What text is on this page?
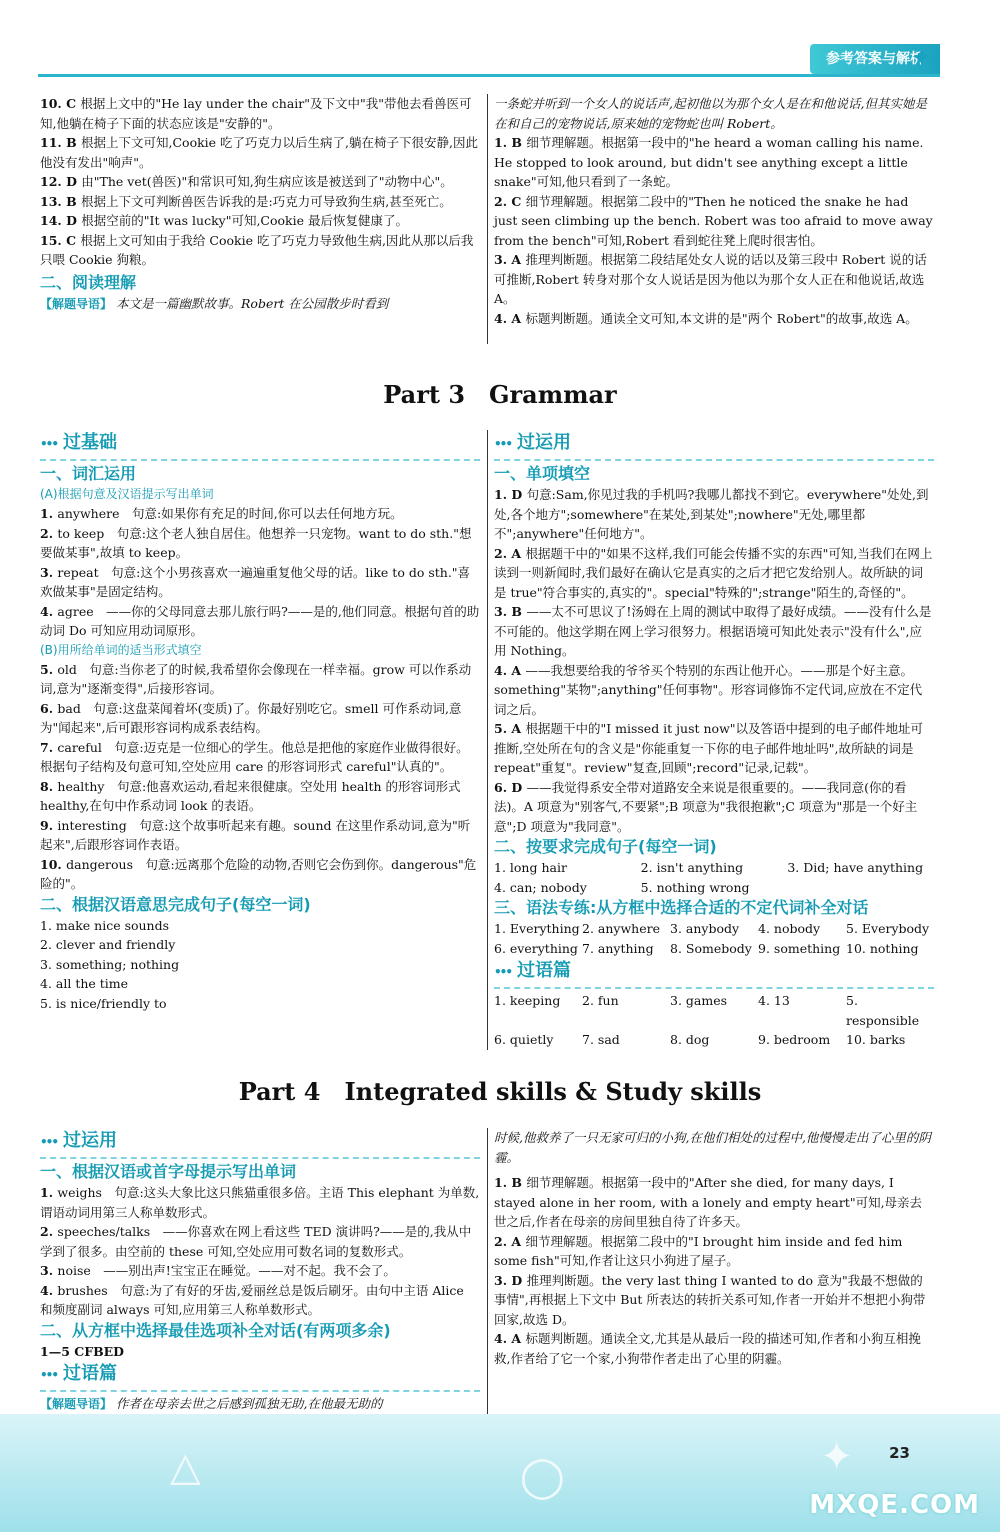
参考答案与解析
✦
10. C 根据上文中的"He lay under the chair"及下文中"我"带他去看兽医可知,他躺在椅子下面的状态应该是"安静的"。
11. B 根据上下文可知,Cookie 吃了巧克力以后生病了,躺在椅子下很安静,因此他没有发出"响声"。
12. D 由"The vet(兽医)"和常识可知,狗生病应该是被送到了"动物中心"。
13. B 根据上下文可判断兽医告诉我的是:巧克力可导致狗生病,甚至死亡。
14. D 根据空前的"It was lucky"可知,Cookie 最后恢复健康了。
15. C 根据上文可知由于我给 Cookie 吃了巧克力导致他生病,因此从那以后我只喂 Cookie 狗粮。
二、阅读理解
【解题导语】 本文是一篇幽默故事。Robert 在公园散步时看到
一条蛇并听到一个女人的说话声,起初他以为那个女人是在和他说话,但其实她是在和自己的宠物说话,原来她的宠物蛇也叫 Robert。
1. B 细节理解题。根据第一段中的"he heard a woman calling his name. He stopped to look around, but didn't see anything except a little snake"可知,他只看到了一条蛇。
2. C 细节理解题。根据第二段中的"Then he noticed the snake he had just seen climbing up the bench. Robert was too afraid to move away from the bench"可知,Robert 看到蛇往凳上爬时很害怕。
3. A 推理判断题。根据第二段结尾处女人说的话以及第三段中 Robert 说的话可推断,Robert 转身对那个女人说话是因为他以为那个女人正在和他说话,故选 A。
4. A 标题判断题。通读全文可知,本文讲的是"两个 Robert"的故事,故选 A。
Part 3　Grammar
••• 过基础
一、词汇运用
(A)根据句意及汉语提示写出单词
1. anywhere　句意:如果你有充足的时间,你可以去任何地方玩。
2. to keep　句意:这个老人独自居住。他想养一只宠物。want to do sth."想要做某事",故填 to keep。
3. repeat　句意:这个小男孩喜欢一遍遍重复他父母的话。like to do sth."喜欢做某事"是固定结构。
4. agree　——你的父母同意去那儿旅行吗?——是的,他们同意。根据句首的助动词 Do 可知应用动词原形。
(B)用所给单词的适当形式填空
5. old　句意:当你老了的时候,我希望你会像现在一样幸福。grow 可以作系动词,意为"逐渐变得",后接形容词。
6. bad　句意:这盘菜闻着坏(变质)了。你最好别吃它。smell 可作系动词,意为"闻起来",后可跟形容词构成系表结构。
7. careful　句意:迈克是一位细心的学生。他总是把他的家庭作业做得很好。根据句子结构及句意可知,空处应用 care 的形容词形式 careful"认真的"。
8. healthy　句意:他喜欢运动,看起来很健康。空处用 health 的形容词形式 healthy,在句中作系动词 look 的表语。
9. interesting　句意:这个故事听起来有趣。sound 在这里作系动词,意为"听起来",后跟形容词作表语。
10. dangerous　句意:远离那个危险的动物,否则它会伤到你。dangerous"危险的"。
二、根据汉语意思完成句子(每空一词)
1. make nice sounds
2. clever and friendly
3. something; nothing
4. all the time
5. is nice/friendly to
••• 过运用
一、单项填空
1. D 句意:Sam,你见过我的手机吗?我哪儿都找不到它。everywhere"处处,到处,各个地方";somewhere"在某处,到某处";nowhere"无处,哪里都不";anywhere"任何地方"。
2. A 根据题干中的"如果不这样,我们可能会传播不实的东西"可知,当我们在网上读到一则新闻时,我们最好在确认它是真实的之后才把它发给别人。故所缺的词是 true"符合事实的,真实的"。special"特殊的";strange"陌生的,奇怪的"。
3. B ——太不可思议了!汤姆在上周的测试中取得了最好成绩。——没有什么是不可能的。他这学期在网上学习很努力。根据语境可知此处表示"没有什么",应用 Nothing。
4. A ——我想要给我的爷爷买个特别的东西让他开心。——那是个好主意。something"某物";anything"任何事物"。形容词修饰不定代词,应放在不定代词之后。
5. A 根据题干中的"I missed it just now"以及答语中提到的电子邮件地址可推断,空处所在句的含义是"你能重复一下你的电子邮件地址吗",故所缺的词是 repeat"重复"。review"复查,回顾";record"记录,记载"。
6. D ——我觉得系安全带对道路安全来说是很重要的。——我同意(你的看法)。A 项意为"别客气,不要紧";B 项意为"我很抱歉";C 项意为"那是一个好主意";D 项意为"我同意"。
二、按要求完成句子(每空一词)
1. long hair	2. isn't anything	3. Did; have anything
4. can; nobody	5. nothing wrong
三、语法专练:从方框中选择合适的不定代词补全对话
1. Everything 2. anywhere 3. anybody	4. nobody	5. Everybody
6. everything 7. anything	8. Somebody 9. something 10. nothing
••• 过语篇
1. keeping	2. fun	3. games	4. 13	5. responsible
6. quietly	7. sad	8. dog	9. bedroom	10. barks
Part 4　Integrated skills & Study skills
••• 过运用
一、根据汉语或首字母提示写出单词
1. weighs　句意:这头大象比这只熊猫重很多倍。主语 This elephant 为单数,谓语动词用第三人称单数形式。
2. speeches/talks　——你喜欢在网上看这些 TED 演讲吗?——是的,我从中学到了很多。由空前的 these 可知,空处应用可数名词的复数形式。
3. noise　——别出声!宝宝正在睡觉。——对不起。我不会了。
4. brushes　句意:为了有好的牙齿,爱丽丝总是饭后刷牙。由句中主语 Alice 和频度副词 always 可知,应用第三人称单数形式。
二、从方框中选择最佳选项补全对话(有两项多余)
1—5 CFBED
••• 过语篇
【解题导语】 作者在母亲去世之后感到孤独无助,在他最无助的
时候,他救养了一只无家可归的小狗,在他们相处的过程中,他慢慢走出了心里的阴霾。
1. B 细节理解题。根据第一段中的"After she died, for many days, I stayed alone in her room, with a lonely and empty heart"可知,母亲去世之后,作者在母亲的房间里独自待了许多天。
2. A 细节理解题。根据第二段中的"I brought him inside and fed him some fish"可知,作者让这只小狗进了屋子。
3. D 推理判断题。the very last thing I wanted to do 意为"我最不想做的事情",再根据上下文中 But 所表达的转折关系可知,作者一开始并不想把小狗带回家,故选 D。
4. A 标题判断题。通读全文,尤其是从最后一段的描述可知,作者和小狗互相挽救,作者给了它一个家,小狗带作者走出了心里的阴霾。
△	◯	✦ 23
MXQE.COM
